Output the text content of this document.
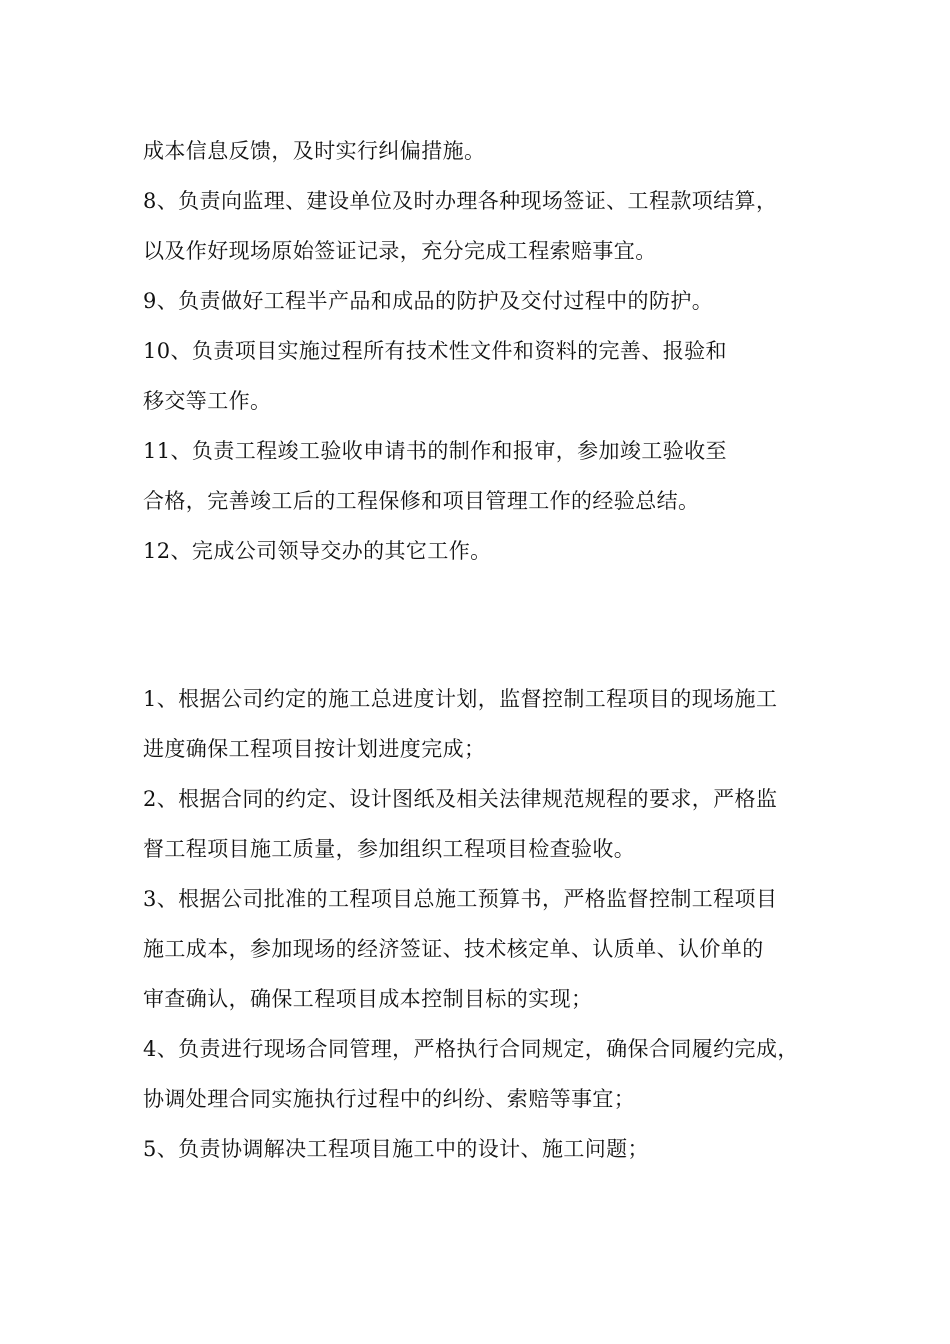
成本信息反馈，及时实行纠偏措施。
8、负责向监理、建设单位及时办理各种现场签证、工程款项结算，
以及作好现场原始签证记录，充分完成工程索赔事宜。
9、负责做好工程半产品和成品的防护及交付过程中的防护。
10、负责项目实施过程所有技术性文件和资料的完善、报验和
移交等工作。
11、负责工程竣工验收申请书的制作和报审，参加竣工验收至
合格，完善竣工后的工程保修和项目管理工作的经验总结。
12、完成公司领导交办的其它工作。
1、根据公司约定的施工总进度计划，监督控制工程项目的现场施工
进度确保工程项目按计划进度完成；
2、根据合同的约定、设计图纸及相关法律规范规程的要求，严格监
督工程项目施工质量，参加组织工程项目检查验收。
3、根据公司批准的工程项目总施工预算书，严格监督控制工程项目
施工成本，参加现场的经济签证、技术核定单、认质单、认价单的
审查确认，确保工程项目成本控制目标的实现；
4、负责进行现场合同管理，严格执行合同规定，确保合同履约完成，
协调处理合同实施执行过程中的纠纷、索赔等事宜；
5、负责协调解决工程项目施工中的设计、施工问题；
